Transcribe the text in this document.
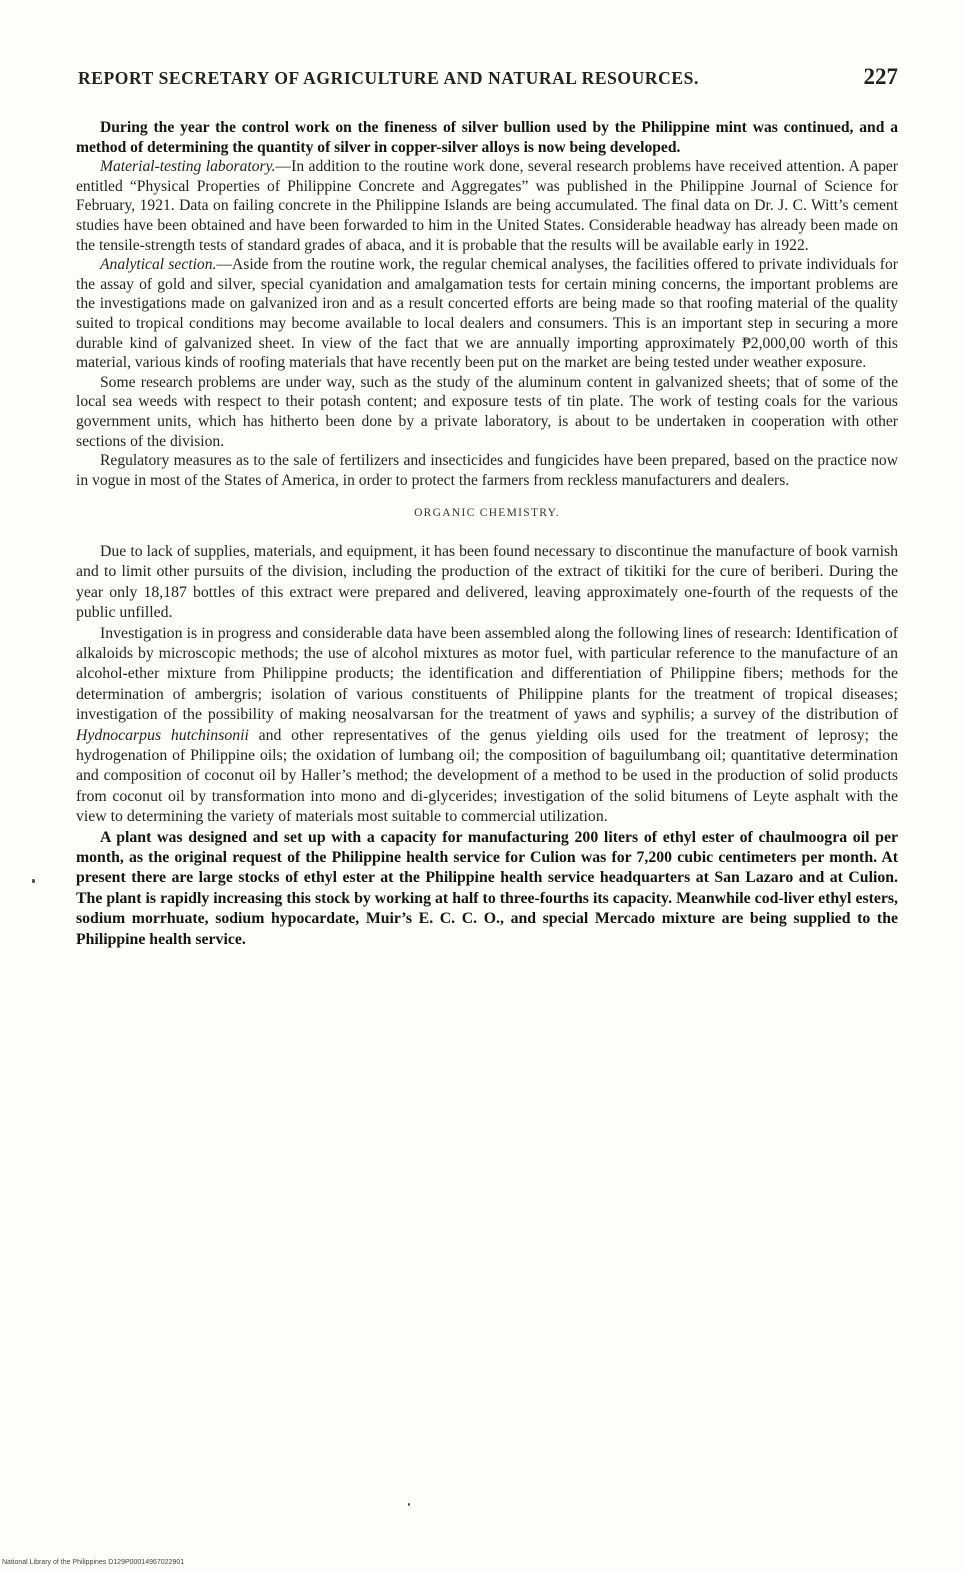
REPORT SECRETARY OF AGRICULTURE AND NATURAL RESOURCES.	227

During the year the control work on the fineness of silver bullion used by the Philippine mint was continued, and a method of determining the quantity of silver in copper-silver alloys is now being developed.

Material-testing laboratory.—In addition to the routine work done, several research problems have received attention. A paper entitled “Physical Properties of Philippine Concrete and Aggregates” was published in the Philippine Journal of Science for February, 1921. Data on failing concrete in the Philippine Islands are being accumulated. The final data on Dr. J. C. Witt’s cement studies have been obtained and have been forwarded to him in the United States. Considerable headway has already been made on the tensile-strength tests of standard grades of abaca, and it is probable that the results will be available early in 1922.

Analytical section.—Aside from the routine work, the regular chemical analyses, the facilities offered to private individuals for the assay of gold and silver, special cyanidation and amalgamation tests for certain mining concerns, the important problems are the investigations made on galvanized iron and as a result concerted efforts are being made so that roofing material of the quality suited to tropical conditions may become available to local dealers and consumers. This is an important step in securing a more durable kind of galvanized sheet. In view of the fact that we are annually importing approximately ₱2,000,00 worth of this material, various kinds of roofing materials that have recently been put on the market are being tested under weather exposure.

Some research problems are under way, such as the study of the aluminum content in galvanized sheets; that of some of the local sea weeds with respect to their potash content; and exposure tests of tin plate. The work of testing coals for the various government units, which has hitherto been done by a private laboratory, is about to be undertaken in cooperation with other sections of the division.

Regulatory measures as to the sale of fertilizers and insecticides and fungicides have been prepared, based on the practice now in vogue in most of the States of America, in order to protect the farmers from reckless manufacturers and dealers.

ORGANIC CHEMISTRY.

Due to lack of supplies, materials, and equipment, it has been found necessary to discontinue the manufacture of book varnish and to limit other pursuits of the division, including the production of the extract of tikitiki for the cure of beriberi. During the year only 18,187 bottles of this extract were prepared and delivered, leaving approximately one-fourth of the requests of the public unfilled.

Investigation is in progress and considerable data have been assembled along the following lines of research: Identification of alkaloids by microscopic methods; the use of alcohol mixtures as motor fuel, with particular reference to the manufacture of an alcohol-ether mixture from Philippine products; the identification and differentiation of Philippine fibers; methods for the determination of ambergris; isolation of various constituents of Philippine plants for the treatment of tropical diseases; investigation of the possibility of making neosalvarsan for the treatment of yaws and syphilis; a survey of the distribution of Hydnocarpus hutchinsonii and other representatives of the genus yielding oils used for the treatment of leprosy; the hydrogenation of Philippine oils; the oxidation of lumbang oil; the composition of baguilumbang oil; quantitative determination and composition of coconut oil by Haller’s method; the development of a method to be used in the production of solid products from coconut oil by transformation into mono and di-glycerides; investigation of the solid bitumens of Leyte asphalt with the view to determining the variety of materials most suitable to commercial utilization.

A plant was designed and set up with a capacity for manufacturing 200 liters of ethyl ester of chaulmoogra oil per month, as the original request of the Philippine health service for Culion was for 7,200 cubic centimeters per month. At present there are large stocks of ethyl ester at the Philippine health service headquarters at San Lazaro and at Culion. The plant is rapidly increasing this stock by working at half to three-fourths its capacity. Meanwhile cod-liver ethyl esters, sodium morrhuate, sodium hypocardate, Muir’s E. C. C. O., and special Mercado mixture are being supplied to the Philippine health service.

National Library of the Philippines D129P00014967022901
